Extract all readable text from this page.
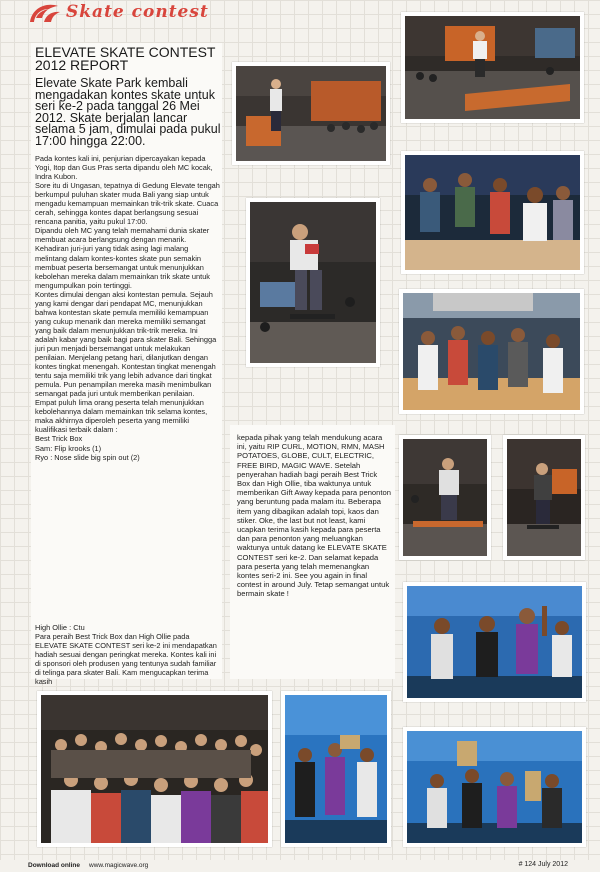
Skate contest
ELEVATE SKATE CONTEST 2012 REPORT

Elevate Skate Park kembali mengadakan kontes skate untuk seri ke-2 pada tanggal 26 Mei 2012. Skate berjalan lancar selama 5 jam, dimulai pada pukul 17:00 hingga 22:00.

Pada kontes kali ini, penjurian dipercayakan kepada Yogi, Itop dan Gus Pras serta dipandu oleh MC kocak, Indra Kubon.
Sore itu di Ungasan, tepatnya di Gedung Elevate tengah berkumpul puluhan skater muda Bali yang siap untuk mengadu kemampuan memainkan trik-trik skate. Cuaca cerah, sehingga kontes dapat berlangsung sesuai rencana panitia, yaitu pukul 17:00.
Dipandu oleh MC yang telah memahami dunia skater membuat acara berlangsung dengan menarik. Kehadiran juri-juri yang tidak asing lagi malang melintang dalam kontes-kontes skate pun semakin membuat peserta bersemangat untuk menunjukkan kebolehan mereka dalam memainkan trik skate untuk mengumpulkan poin tertinggi.
Kontes dimulai dengan aksi kontestan pemula. Sejauh yang kami dengar dari pendapat MC, menunjukkan bahwa kontestan skate pemula memiliki kemampuan yang cukup menarik dan mereka memiliki semangat yang baik dalam menunjukkan trik-trik mereka. Ini adalah kabar yang baik bagi para skater Bali. Sehingga juri pun menjadi bersemangat untuk melakukan penilaian. Menjelang petang hari, dilanjutkan dengan kontes tingkat menengah. Kontestan tingkat menengah tentu saja memiliki trik yang lebih advance dari tingkat pemula. Pun penampilan mereka masih menimbulkan semangat pada juri untuk memberikan penilaian.
Empat puluh lima orang peserta telah menunjukkan kebolehannya dalam memainkan trik selama kontes, maka akhirnya diperoleh peserta yang memiliki kualifikasi terbaik dalam :
Best Trick Box
Sam: Flip krooks (1)
Ryo : Nose slide big spin out (2)

High Ollie : Ctu
Para peraih Best Trick Box dan High Ollie pada ELEVATE SKATE CONTEST seri ke-2 ini mendapatkan hadiah sesuai dengan peringkat mereka. Kontes kali ini di sponsori oleh produsen yang tentunya sudah familiar di telinga para skater Bali. Kam mengucapkan terima kasih

kepada pihak yang telah mendukung acara ini, yaitu RIP CURL, MOTION, RMN, MASH POTATOES, GLOBE, CULT, ELECTRIC, FREE BIRD, MAGIC WAVE. Setelah penyerahan hadiah bagi peraih Best Trick Box dan High Ollie, tiba waktunya untuk memberikan Gift Away kepada para penonton yang beruntung pada malam itu. Beberapa item yang dibagikan adalah topi, kaos dan stiker. Oke, the last but not least, kami ucapkan terima kasih kepada para peserta dan para penonton yang meluangkan waktunya untuk datang ke ELEVATE SKATE CONTEST seri ke-2. Dan selamat kepada para peserta yang telah memenangkan kontes seri-2 ini. See you again in final contest in around July. Tetap semangat untuk bermain skate !

Download online www.magicwave.org	# 124 July 2012
